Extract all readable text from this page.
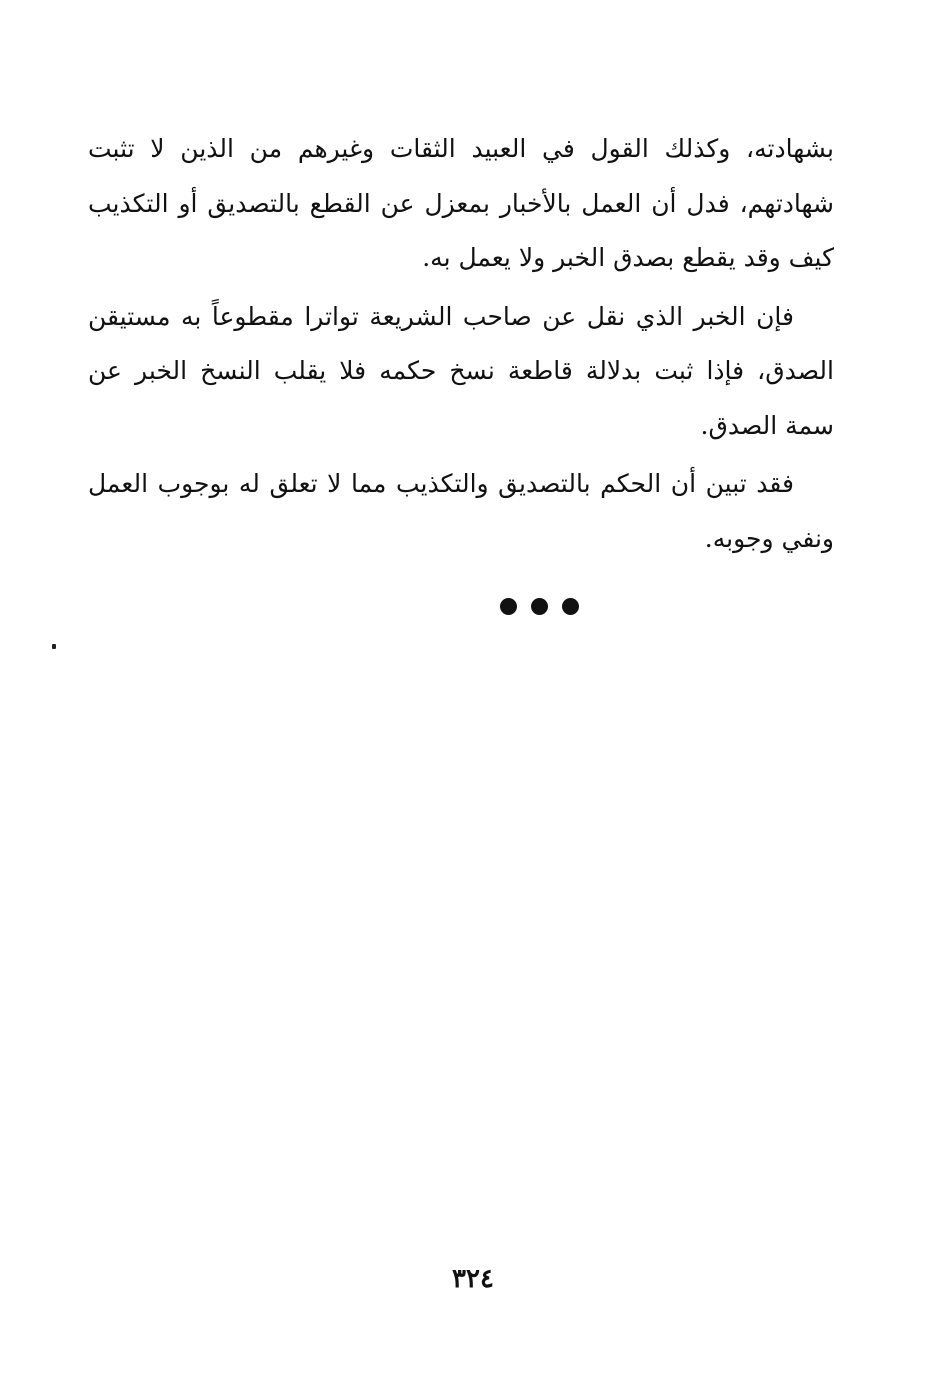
بشهادته، وكذلك القول في العبيد الثقات وغيرهم من الذين لا تثبت شهادتهم، فدل أن العمل بالأخبار بمعزل عن القطع بالتصديق أو التكذيب كيف وقد يقطع بصدق الخبر ولا يعمل به.

فإن الخبر الذي نقل عن صاحب الشريعة تواترا مقطوعاً به مستيقن الصدق، فإذا ثبت بدلالة قاطعة نسخ حكمه فلا يقلب النسخ الخبر عن سمة الصدق.

فقد تبين أن الحكم بالتصديق والتكذيب مما لا تعلق له بوجوب العمل ونفي وجوبه.

٣٢٤
